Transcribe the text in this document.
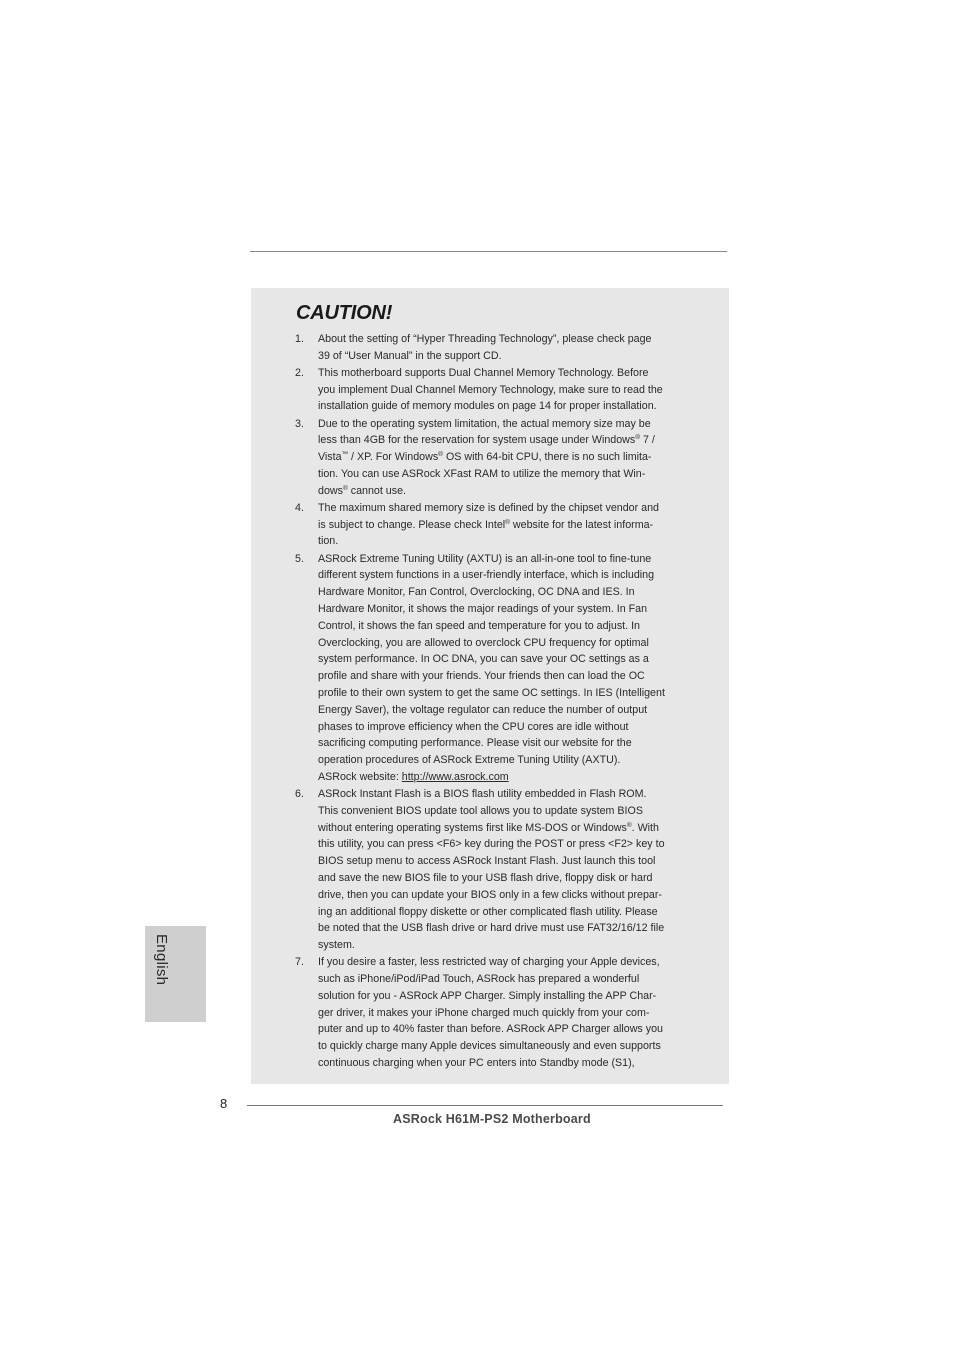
CAUTION!
1.	About the setting of “Hyper Threading Technology”, please check page
39 of “User Manual” in the support CD.
2.	This motherboard supports Dual Channel Memory Technology. Before
you implement Dual Channel Memory Technology, make sure to read the
installation guide of memory modules on page 14 for proper installation.
3.	Due to the operating system limitation, the actual memory size may be
less than 4GB for the reservation for system usage under Windows® 7 /
Vista™ / XP. For Windows® OS with 64-bit CPU, there is no such limita-
tion. You can use ASRock XFast RAM to utilize the memory that Win-
dows® cannot use.
4.	The maximum shared memory size is defined by the chipset vendor and
is subject to change. Please check Intel® website for the latest informa-
tion.
5.	ASRock Extreme Tuning Utility (AXTU) is an all-in-one tool to fine-tune
different system functions in a user-friendly interface, which is including
Hardware Monitor, Fan Control, Overclocking, OC DNA and IES. In
Hardware Monitor, it shows the major readings of your system. In Fan
Control, it shows the fan speed and temperature for you to adjust. In
Overclocking, you are allowed to overclock CPU frequency for optimal
system performance. In OC DNA, you can save your OC settings as a
profile and share with your friends. Your friends then can load the OC
profile to their own system to get the same OC settings. In IES (Intelligent
Energy Saver), the voltage regulator can reduce the number of output
phases to improve efficiency when the CPU cores are idle without
sacrificing computing performance. Please visit our website for the
operation procedures of ASRock Extreme Tuning Utility (AXTU).
ASRock website: http://www.asrock.com
6.	ASRock Instant Flash is a BIOS flash utility embedded in Flash ROM.
This convenient BIOS update tool allows you to update system BIOS
without entering operating systems first like MS-DOS or Windows®. With
this utility, you can press <F6> key during the POST or press <F2> key to
BIOS setup menu to access ASRock Instant Flash. Just launch this tool
and save the new BIOS file to your USB flash drive, floppy disk or hard
drive, then you can update your BIOS only in a few clicks without prepar-
ing an additional floppy diskette or other complicated flash utility. Please
be noted that the USB flash drive or hard drive must use FAT32/16/12 file
system.
7.	If you desire a faster, less restricted way of charging your Apple devices,
such as iPhone/iPod/iPad Touch, ASRock has prepared a wonderful
solution for you - ASRock APP Charger. Simply installing the APP Char-
ger driver, it makes your iPhone charged much quickly from your com-
puter and up to 40% faster than before. ASRock APP Charger allows you
to quickly charge many Apple devices simultaneously and even supports
continuous charging when your PC enters into Standby mode (S1),
English
8
ASRock H61M-PS2 Motherboard
